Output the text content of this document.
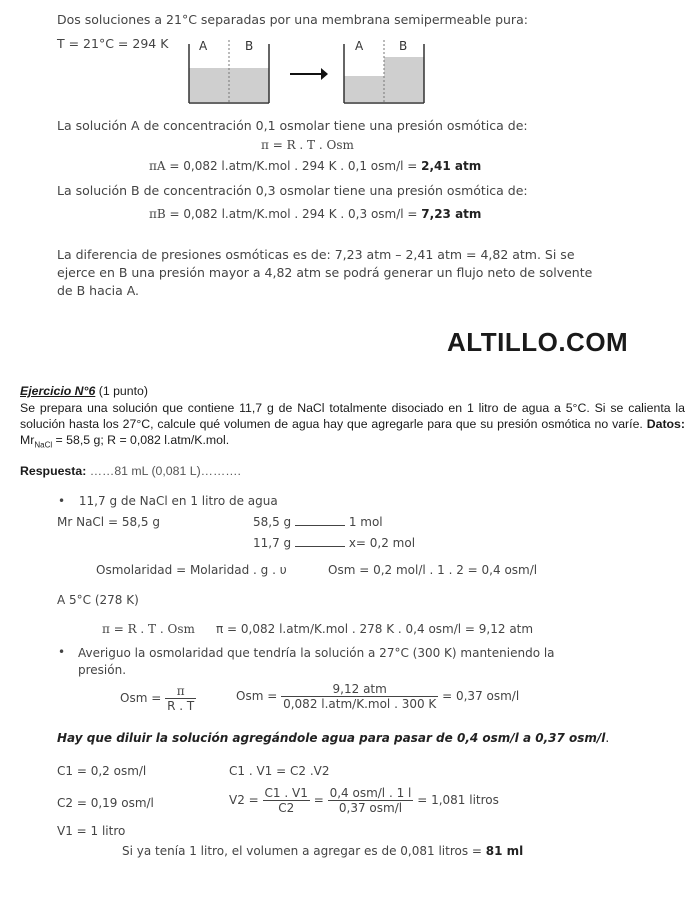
Dos soluciones a 21°C separadas por una membrana semipermeable pura:
T = 21°C = 294 K	A	B	A	B
La solución A de concentración 0,1 osmolar tiene una presión osmótica de:
π = R . T . Osm
πA = 0,082 l.atm/K.mol . 294 K . 0,1 osm/l = 2,41 atm
La solución B de concentración 0,3 osmolar tiene una presión osmótica de:
πB = 0,082 l.atm/K.mol . 294 K . 0,3 osm/l = 7,23 atm
La diferencia de presiones osmóticas es de: 7,23 atm – 2,41 atm = 4,82 atm. Si se
ejerce en B una presión mayor a 4,82 atm se podrá generar un flujo neto de solvente
de B hacia A.
ALTILLO.COM
Ejercicio N°6 (1 punto)
Se prepara una solución que contiene 11,7 g de NaCl totalmente disociado en 1 litro de agua a 5°C. Si se calienta la solución hasta los 27°C, calcule qué volumen de agua hay que agregarle para que su presión osmótica no varíe. Datos: $Mr_{NaCl} = 58,5$ g; R = 0,082 l.atm/K.mol.
Respuesta: ……81 mL (0,081 L)……….
• 11,7 g de NaCl en 1 litro de agua
Mr NaCl = 58,5 g	58,5 g	1 mol
11,7 g	x= 0,2 mol
Osmolaridad = Molaridad . g . υ	Osm = 0,2 mol/l . 1 . 2 = 0,4 osm/l
A 5°C (278 K)
π = R . T . Osm π = 0,082 l.atm/K.mol . 278 K . 0,4 osm/l = 9,12 atm
• Averiguo la osmolaridad que tendría la solución a 27°C (300 K) manteniendo la
presión.
Osm = $\frac{\pi}{R . T}$	Osm = $\frac{\text{9,12 atm}}{\text{0,082 l.atm/K.mol . 300 K}} = 0,37$ osm/l
Hay que diluir la solución agregándole agua para pasar de 0,4 osm/l a 0,37 osm/l.
C1 = 0,2 osm/l	C1 . V1 = C2 .V2
C2 = 0,19 osm/l	$V2 = \frac{C1 . V1}{C2} = \frac{\text{0,4 osm/l . 1 l}}{\text{0,37 osm/l}} = 1,081$ litros
V1 = 1 litro
Si ya tenía 1 litro, el volumen a agregar es de 0,081 litros = 81 ml
